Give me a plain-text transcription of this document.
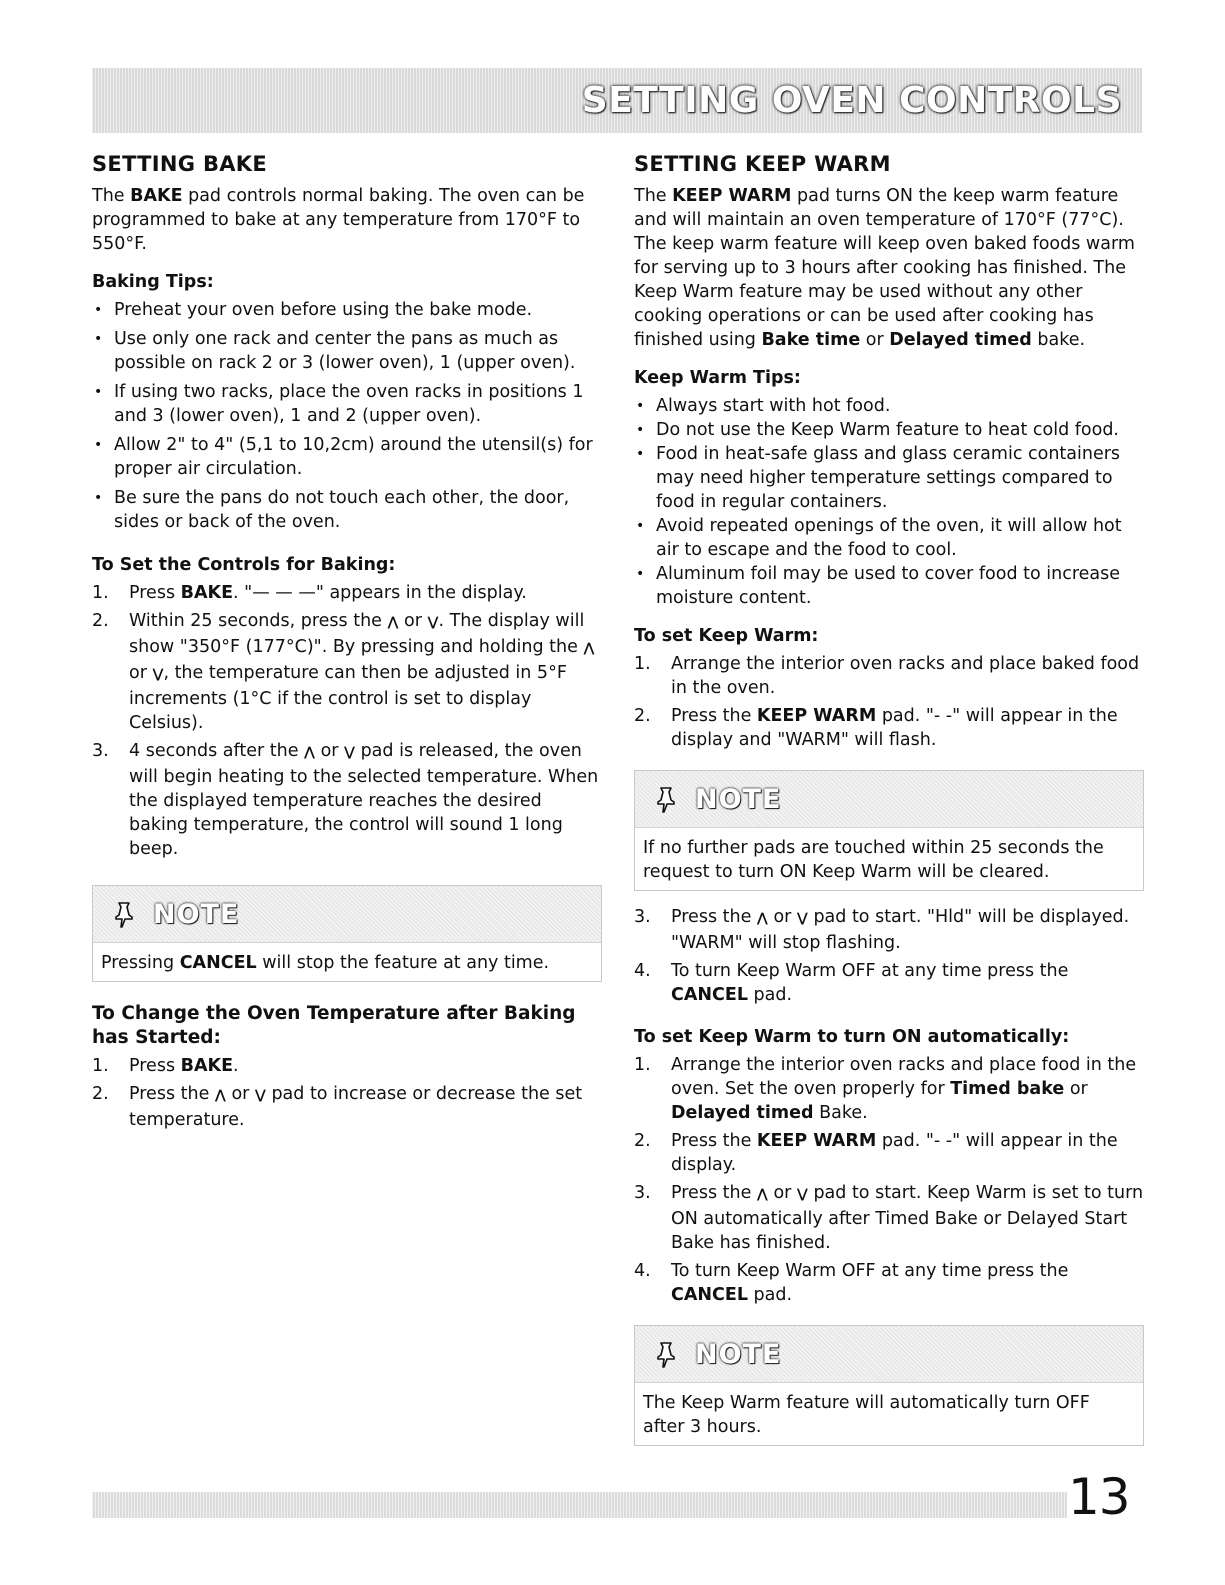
SETTING OVEN CONTROLS
SETTING BAKE

The BAKE pad controls normal baking. The oven can be programmed to bake at any temperature from 170°F to 550°F.

Baking Tips:
• Preheat your oven before using the bake mode.
• Use only one rack and center the pans as much as possible on rack 2 or 3 (lower oven), 1 (upper oven).
• If using two racks, place the oven racks in positions 1 and 3 (lower oven), 1 and 2 (upper oven).
• Allow 2" to 4" (5,1 to 10,2cm) around the utensil(s) for proper air circulation.
• Be sure the pans do not touch each other, the door, sides or back of the oven.
To Set the Controls for Baking:
1. Press BAKE. "— — —" appears in the display.
2. Within 25 seconds, press the ⋀ or ⋁. The display will show "350°F (177°C)". By pressing and holding the ⋀ or ⋁, the temperature can then be adjusted in 5°F increments (1°C if the control is set to display Celsius).
3. 4 seconds after the ⋀ or ⋁ pad is released, the oven will begin heating to the selected temperature. When the displayed temperature reaches the desired baking temperature, the control will sound 1 long beep.
NOTE
Pressing CANCEL will stop the feature at any time.
To Change the Oven Temperature after Baking has Started:
1. Press BAKE.
2. Press the ⋀ or ⋁ pad to increase or decrease the set temperature.
SETTING KEEP WARM

The KEEP WARM pad turns ON the keep warm feature and will maintain an oven temperature of 170°F (77°C). The keep warm feature will keep oven baked foods warm for serving up to 3 hours after cooking has finished. The Keep Warm feature may be used without any other cooking operations or can be used after cooking has finished using Bake time or Delayed timed bake.

Keep Warm Tips:
• Always start with hot food.
• Do not use the Keep Warm feature to heat cold food.
• Food in heat-safe glass and glass ceramic containers may need higher temperature settings compared to food in regular containers.
• Avoid repeated openings of the oven, it will allow hot air to escape and the food to cool.
• Aluminum foil may be used to cover food to increase moisture content.
To set Keep Warm:
1. Arrange the interior oven racks and place baked food in the oven.
2. Press the KEEP WARM pad. "- -" will appear in the display and "WARM" will flash.
NOTE
If no further pads are touched within 25 seconds the request to turn ON Keep Warm will be cleared.
3. Press the ⋀ or ⋁ pad to start. "Hld" will be displayed. "WARM" will stop flashing.
4. To turn Keep Warm OFF at any time press the CANCEL pad.
To set Keep Warm to turn ON automatically:
1. Arrange the interior oven racks and place food in the oven. Set the oven properly for Timed bake or Delayed timed Bake.
2. Press the KEEP WARM pad. "- -" will appear in the display.
3. Press the ⋀ or ⋁ pad to start. Keep Warm is set to turn ON automatically after Timed Bake or Delayed Start Bake has finished.
4. To turn Keep Warm OFF at any time press the CANCEL pad.
NOTE
The Keep Warm feature will automatically turn OFF after 3 hours.
13
